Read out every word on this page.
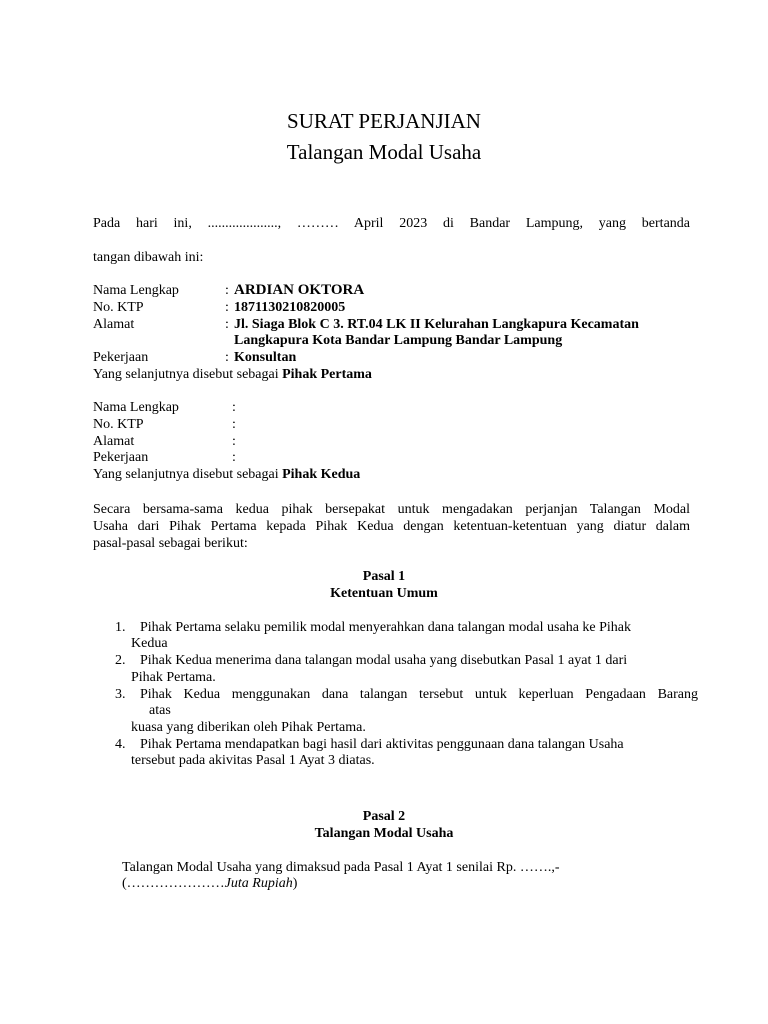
SURAT PERJANJIAN
Talangan Modal Usaha
Pada hari ini, ...................., ……… April 2023 di Bandar Lampung, yang bertanda
tangan dibawah ini:
Nama Lengkap	: ARDIAN OKTORA
No. KTP	: 1871130210820005
Alamat	: Jl. Siaga Blok C 3. RT.04 LK II Kelurahan Langkapura Kecamatan
Langkapura Kota Bandar Lampung Bandar Lampung
Pekerjaan	: Konsultan
Yang selanjutnya disebut sebagai Pihak Pertama
Nama Lengkap	:
No. KTP	:
Alamat	:
Pekerjaan	:
Yang selanjutnya disebut sebagai Pihak Kedua
Secara bersama-sama kedua pihak bersepakat untuk mengadakan perjanjan Talangan Modal
Usaha dari Pihak Pertama kepada Pihak Kedua dengan ketentuan-ketentuan yang diatur dalam
pasal-pasal sebagai berikut:
Pasal 1
Ketentuan Umum
1. Pihak Pertama selaku pemilik modal menyerahkan dana talangan modal usaha ke Pihak
Kedua
2. Pihak Kedua menerima dana talangan modal usaha yang disebutkan Pasal 1 ayat 1 dari
Pihak Pertama.
3. Pihak Kedua menggunakan dana talangan tersebut untuk keperluan Pengadaan Barang
atas
kuasa yang diberikan oleh Pihak Pertama.
4. Pihak Pertama mendapatkan bagi hasil dari aktivitas penggunaan dana talangan Usaha
tersebut pada akivitas Pasal 1 Ayat 3 diatas.
Pasal 2
Talangan Modal Usaha
Talangan Modal Usaha yang dimaksud pada Pasal 1 Ayat 1 senilai Rp. …….,-
(…………………Juta Rupiah)
